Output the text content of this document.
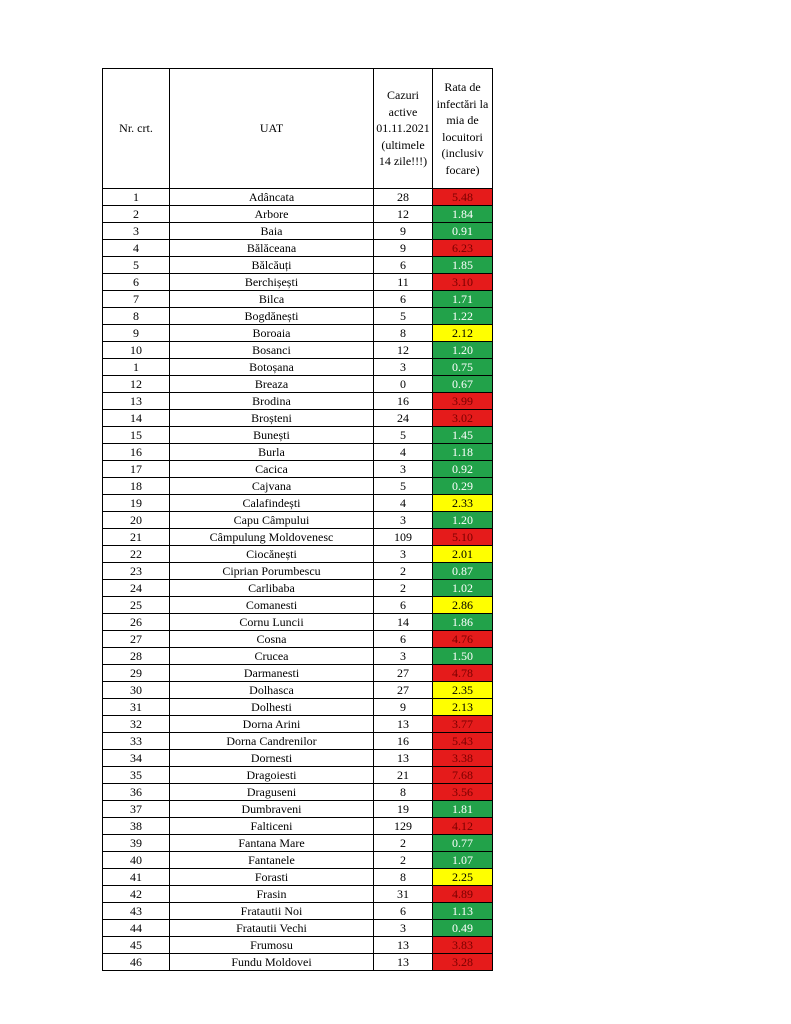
Nr. crt.	UAT	Cazuri active 01.11.2021 (ultimele 14 zile!!!)	Rata de infectări la mia de locuitori (inclusiv focare)
1	Adâncata	28	5.48
2	Arbore	12	1.84
3	Baia	9	0.91
4	Bălăceana	9	6.23
5	Bălcăuți	6	1.85
6	Berchișești	11	3.10
7	Bilca	6	1.71
8	Bogdănești	5	1.22
9	Boroaia	8	2.12
10	Bosanci	12	1.20
1	Botoșana	3	0.75
12	Breaza	0	0.67
13	Brodina	16	3.99
14	Broșteni	24	3.02
15	Bunești	5	1.45
16	Burla	4	1.18
17	Cacica	3	0.92
18	Cajvana	5	0.29
19	Calafindești	4	2.33
20	Capu Câmpului	3	1.20
21	Câmpulung Moldovenesc	109	5.10
22	Ciocănești	3	2.01
23	Ciprian Porumbescu	2	0.87
24	Carlibaba	2	1.02
25	Comanesti	6	2.86
26	Cornu Luncii	14	1.86
27	Cosna	6	4.76
28	Crucea	3	1.50
29	Darmanesti	27	4.78
30	Dolhasca	27	2.35
31	Dolhesti	9	2.13
32	Dorna Arini	13	3.77
33	Dorna Candrenilor	16	5.43
34	Dornesti	13	3.38
35	Dragoiesti	21	7.68
36	Draguseni	8	3.56
37	Dumbraveni	19	1.81
38	Falticeni	129	4.12
39	Fantana Mare	2	0.77
40	Fantanele	2	1.07
41	Forasti	8	2.25
42	Frasin	31	4.89
43	Fratautii Noi	6	1.13
44	Fratautii Vechi	3	0.49
45	Frumosu	13	3.83
46	Fundu Moldovei	13	3.28
